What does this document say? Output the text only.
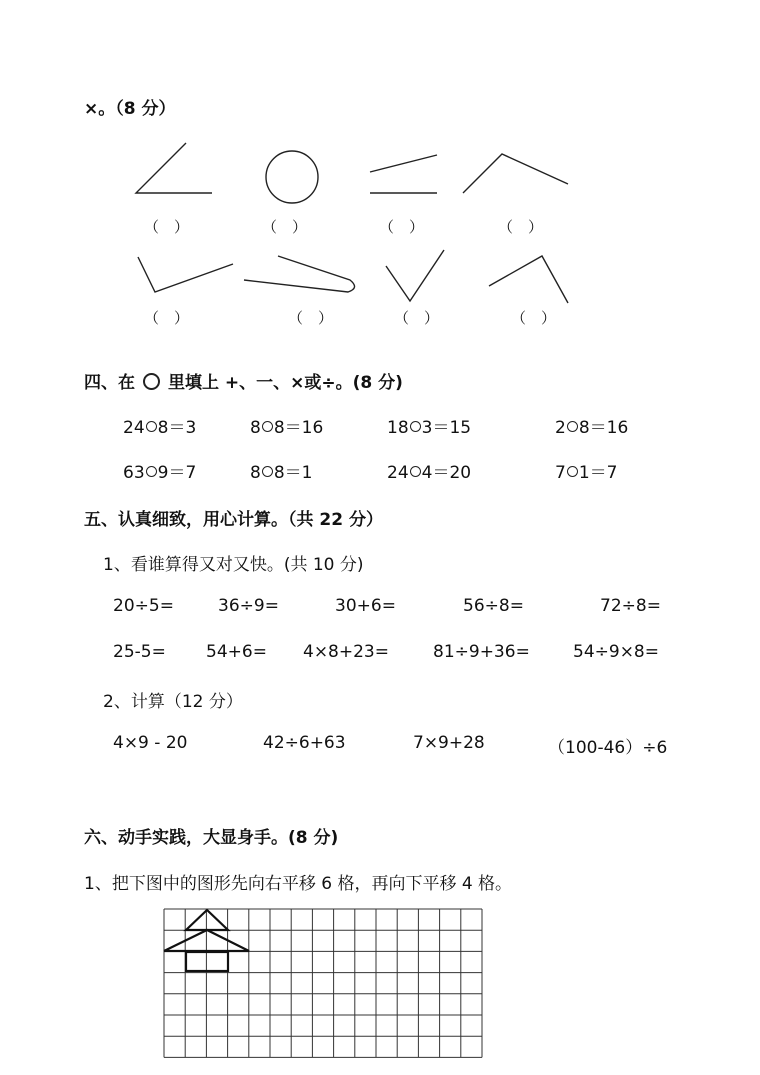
×。（8 分）
（　）	（　）	（　）	（　）
（　）	（　）	（　）	（　）
四、在 里填上 +、一、×或÷。(8 分)
24 8＝3	8 8＝16	18 3＝15	2 8＝16
63 9＝7	8 8＝1	24 4＝20	7 1＝7
五、认真细致，用心计算。（共 22 分）
1、看谁算得又对又快。(共 10 分)
20÷5=	36÷9=	30+6=	56÷8=	72÷8=
25-5= 54+6= 4×8+23=	81÷9+36=	54÷9×8=
2、计算（12 分）
4×9 - 20	42÷6+63	7×9+28	（100-46）÷6
六、动手实践，大显身手。(8 分)
1、把下图中的图形先向右平移 6 格，再向下平移 4 格。
